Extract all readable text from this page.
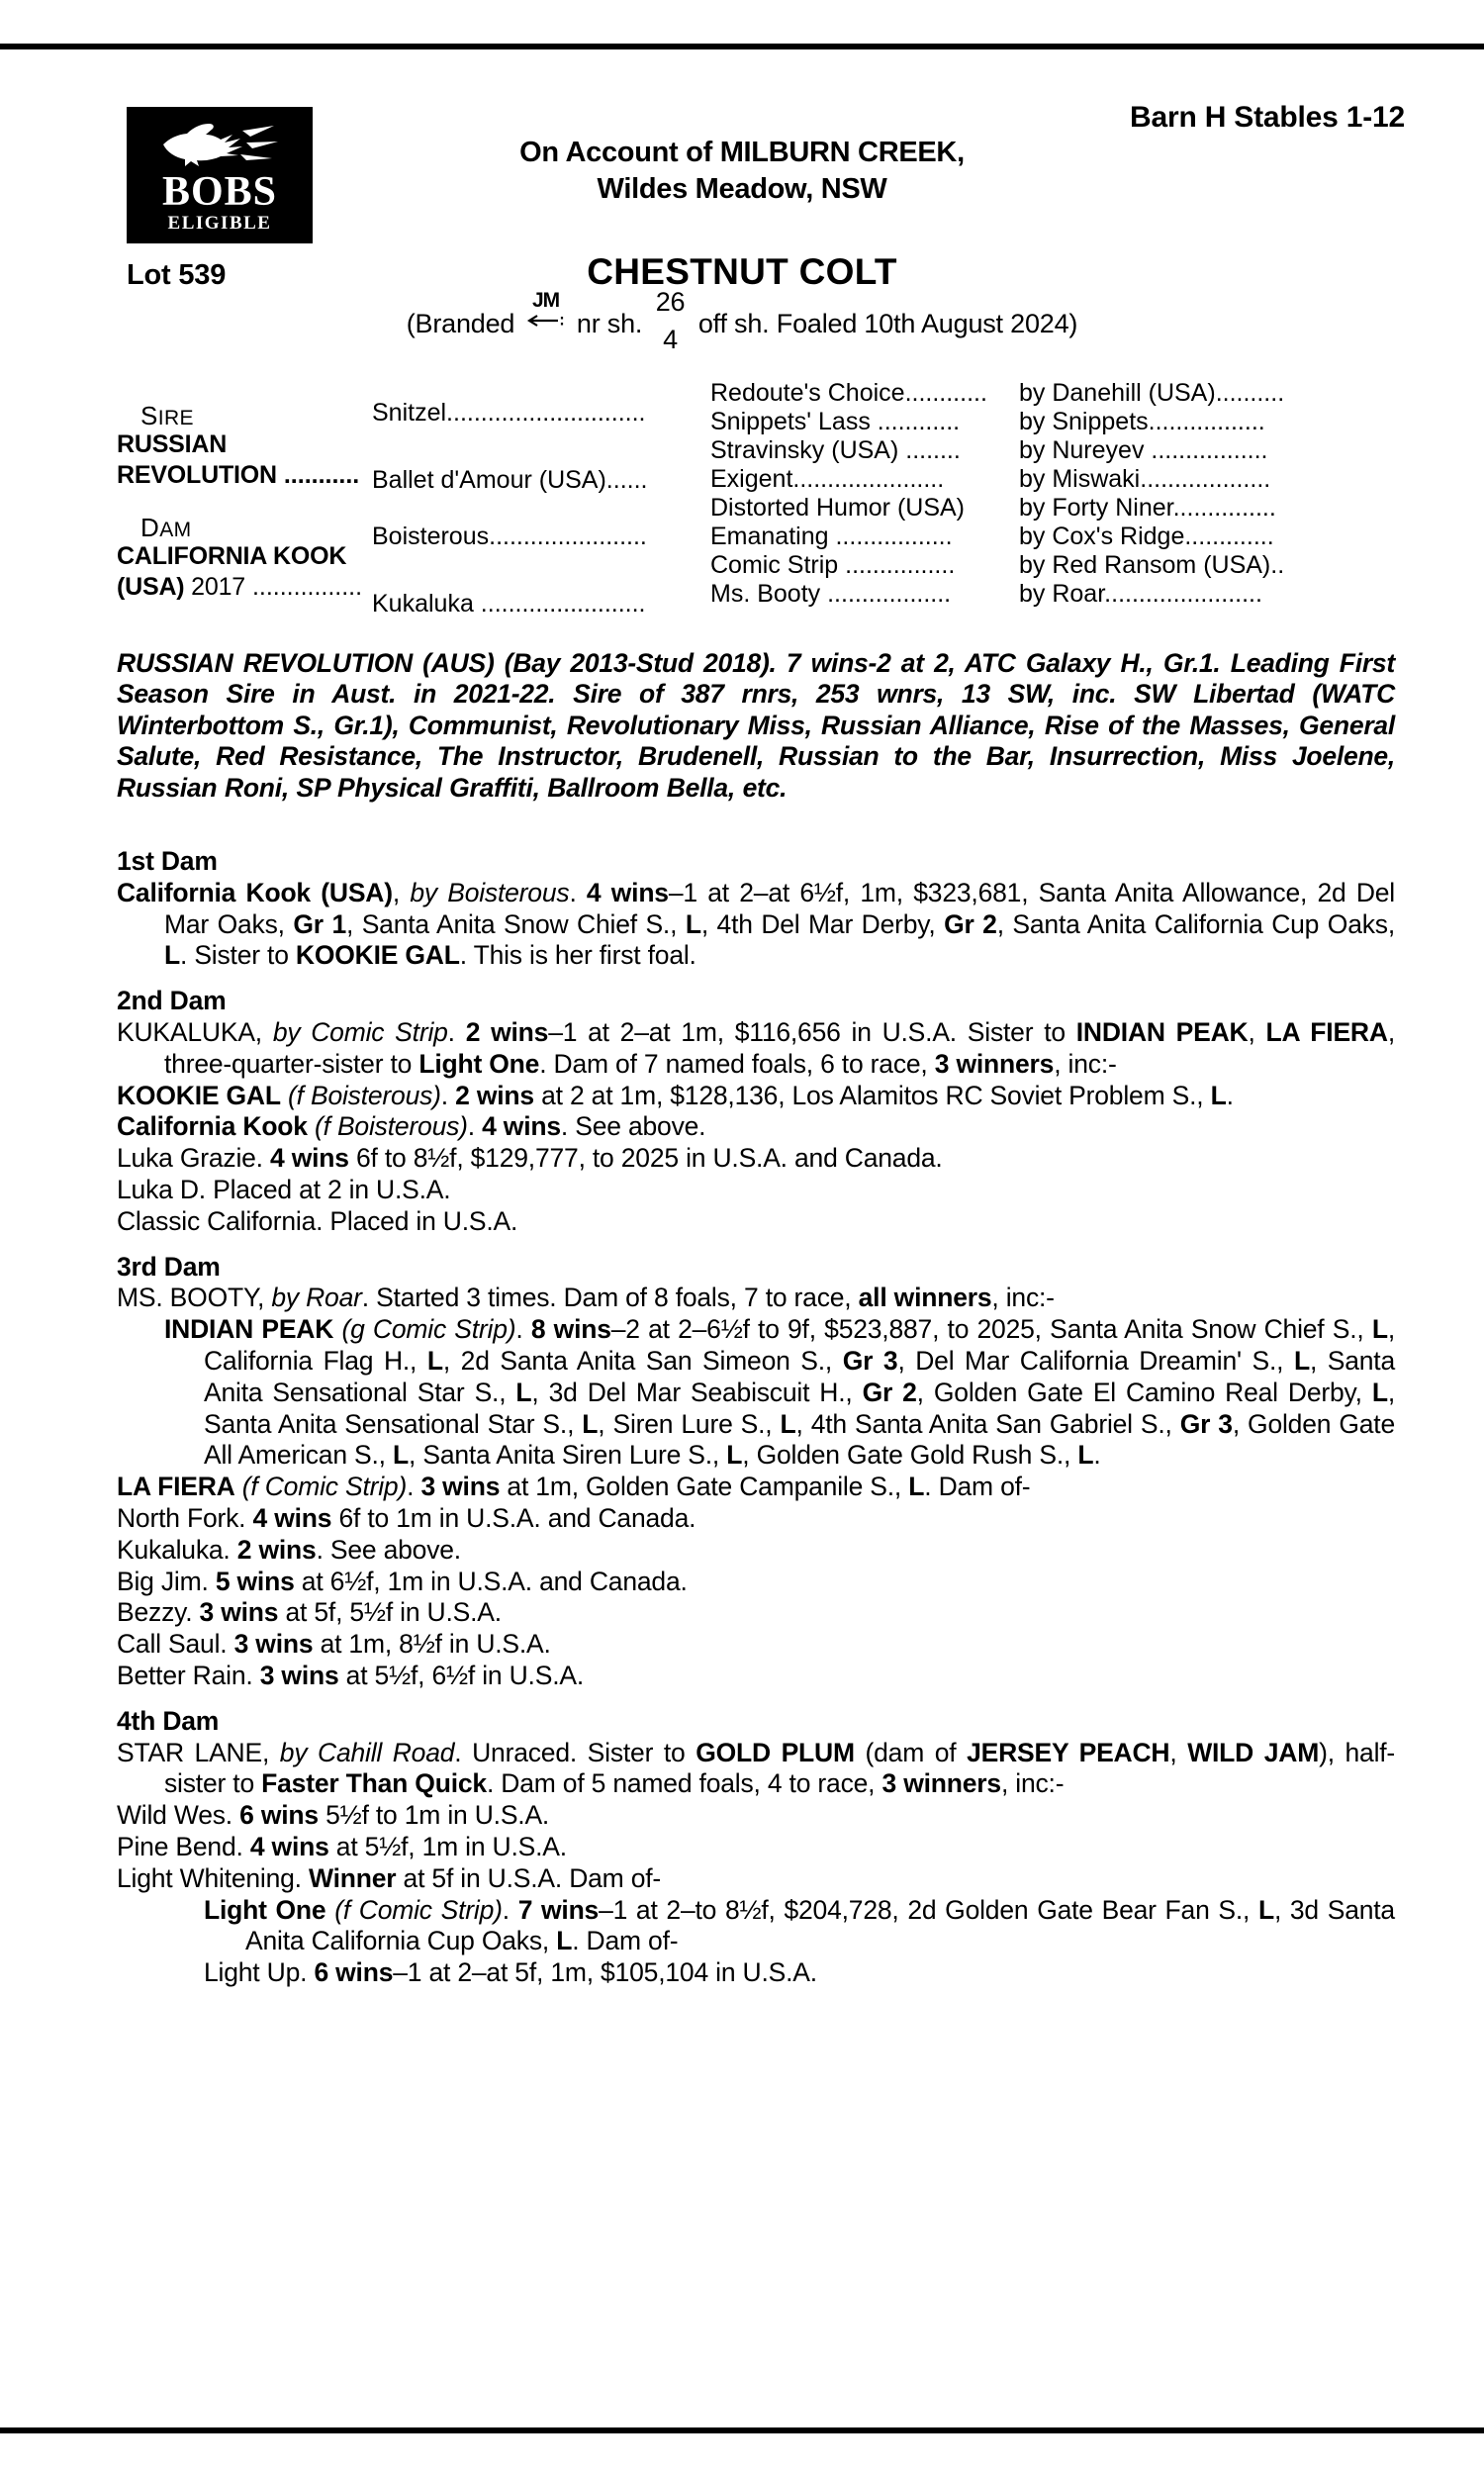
BOBS
ELIGIBLE
Barn H Stables 1-12
On Account of MILBURN CREEK,
Wildes Meadow, NSW
Lot 539	CHESTNUT COLT
(Branded
JM
nr sh.
26
4
off sh. Foaled 10th August 2024)
SIRE
RUSSIAN
REVOLUTION ...........
DAM
CALIFORNIA KOOK
(USA) 2017 ................
Snitzel.............................
Ballet d'Amour (USA)......
Boisterous.......................
Kukaluka ........................
Redoute's Choice............
Snippets' Lass ............
Stravinsky (USA) ........
Exigent......................
Distorted Humor (USA)
Emanating .................
Comic Strip ................
Ms. Booty ..................
by Danehill (USA)..........
by Snippets.................
by Nureyev .................
by Miswaki...................
by Forty Niner...............
by Cox's Ridge.............
by Red Ransom (USA)..
by Roar.......................
RUSSIAN REVOLUTION (AUS) (Bay 2013-Stud 2018). 7 wins-2 at 2, ATC Galaxy H., Gr.1. Leading First Season Sire in Aust. in 2021-22. Sire of 387 rnrs, 253 wnrs, 13 SW, inc. SW Libertad (WATC Winterbottom S., Gr.1), Communist, Revolutionary Miss, Russian Alliance, Rise of the Masses, General Salute, Red Resistance, The Instructor, Brudenell, Russian to the Bar, Insurrection, Miss Joelene, Russian Roni, SP Physical Graffiti, Ballroom Bella, etc.
1st Dam

California Kook (USA), by Boisterous. 4 wins–1 at 2–at 6½f, 1m, $323,681, Santa Anita Allowance, 2d Del Mar Oaks, Gr 1, Santa Anita Snow Chief S., L, 4th Del Mar Derby, Gr 2, Santa Anita California Cup Oaks, L. Sister to KOOKIE GAL. This is her first foal.

2nd Dam

KUKALUKA, by Comic Strip. 2 wins–1 at 2–at 1m, $116,656 in U.S.A. Sister to INDIAN PEAK, LA FIERA, three-quarter-sister to Light One. Dam of 7 named foals, 6 to race, 3 winners, inc:-

KOOKIE GAL (f Boisterous). 2 wins at 2 at 1m, $128,136, Los Alamitos RC Soviet Problem S., L.

California Kook (f Boisterous). 4 wins. See above.

Luka Grazie. 4 wins 6f to 8½f, $129,777, to 2025 in U.S.A. and Canada.

Luka D. Placed at 2 in U.S.A.

Classic California. Placed in U.S.A.

3rd Dam

MS. BOOTY, by Roar. Started 3 times. Dam of 8 foals, 7 to race, all winners, inc:-

INDIAN PEAK (g Comic Strip). 8 wins–2 at 2–6½f to 9f, $523,887, to 2025, Santa Anita Snow Chief S., L, California Flag H., L, 2d Santa Anita San Simeon S., Gr 3, Del Mar California Dreamin' S., L, Santa Anita Sensational Star S., L, 3d Del Mar Seabiscuit H., Gr 2, Golden Gate El Camino Real Derby, L, Santa Anita Sensational Star S., L, Siren Lure S., L, 4th Santa Anita San Gabriel S., Gr 3, Golden Gate All American S., L, Santa Anita Siren Lure S., L, Golden Gate Gold Rush S., L.

LA FIERA (f Comic Strip). 3 wins at 1m, Golden Gate Campanile S., L. Dam of-

North Fork. 4 wins 6f to 1m in U.S.A. and Canada.

Kukaluka. 2 wins. See above.

Big Jim. 5 wins at 6½f, 1m in U.S.A. and Canada.

Bezzy. 3 wins at 5f, 5½f in U.S.A.

Call Saul. 3 wins at 1m, 8½f in U.S.A.

Better Rain. 3 wins at 5½f, 6½f in U.S.A.

4th Dam

STAR LANE, by Cahill Road. Unraced. Sister to GOLD PLUM (dam of JERSEY PEACH, WILD JAM), half-sister to Faster Than Quick. Dam of 5 named foals, 4 to race, 3 winners, inc:-

Wild Wes. 6 wins 5½f to 1m in U.S.A.

Pine Bend. 4 wins at 5½f, 1m in U.S.A.

Light Whitening. Winner at 5f in U.S.A. Dam of-

Light One (f Comic Strip). 7 wins–1 at 2–to 8½f, $204,728, 2d Golden Gate Bear Fan S., L, 3d Santa Anita California Cup Oaks, L. Dam of-

Light Up. 6 wins–1 at 2–at 5f, 1m, $105,104 in U.S.A.
